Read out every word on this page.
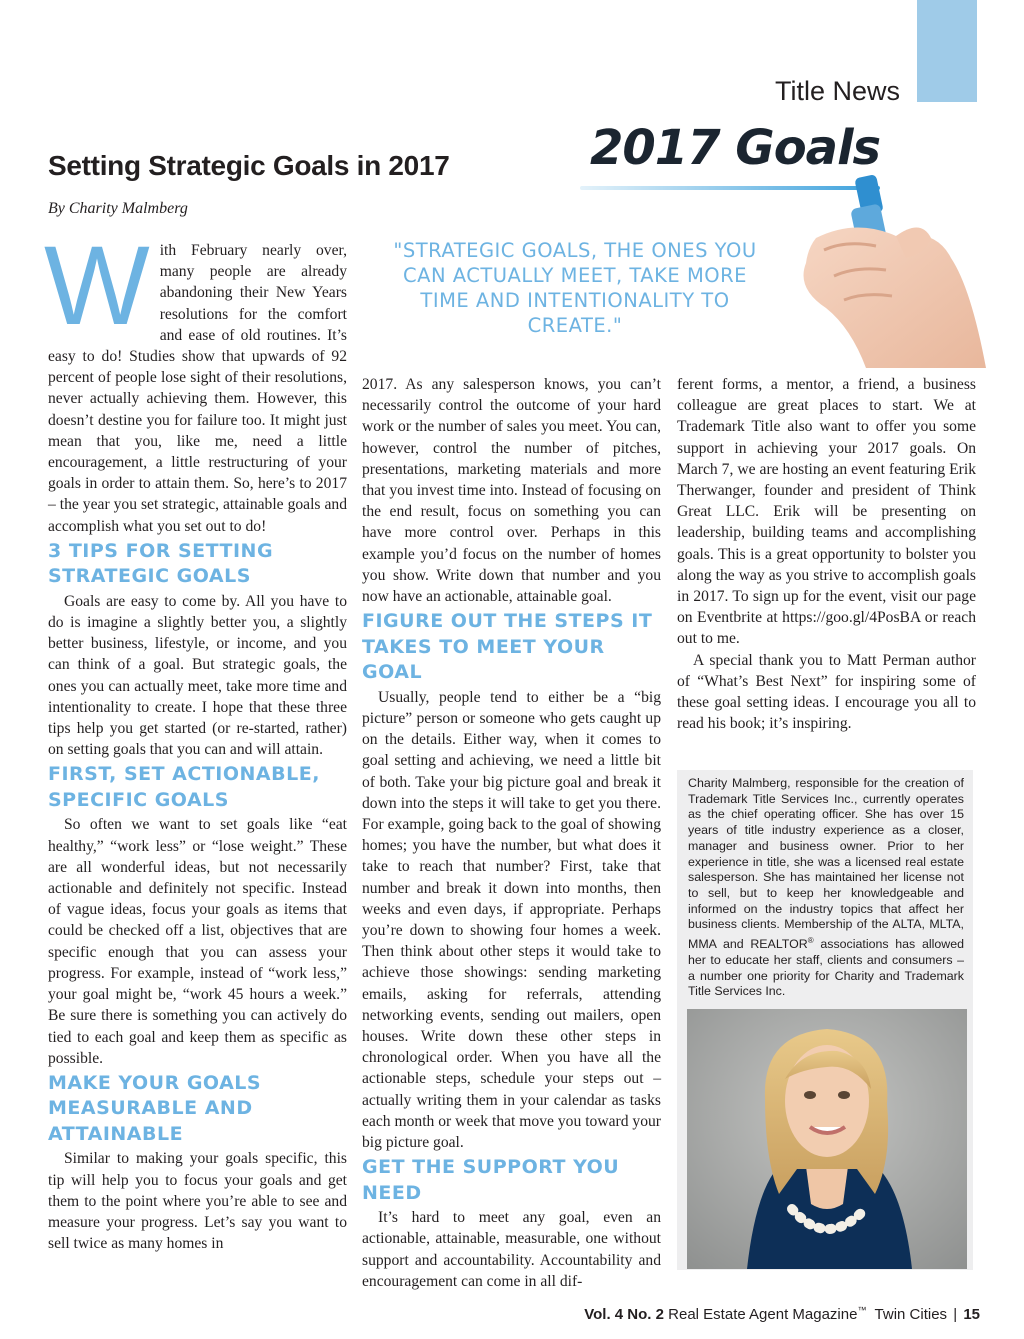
Title News
Setting Strategic Goals in 2017
By Charity Malmberg
2017 Goals
"STRATEGIC GOALS, THE ONES YOU CAN ACTUALLY MEET, TAKE MORE TIME AND INTENTIONALITY TO CREATE."
W ith February nearly over, many people are already abandoning their New Years resolutions for the comfort and ease of old routines. It’s easy to do! Studies show that upwards of 92 percent of people lose sight of their resolutions, never actually achieving them. However, this doesn’t destine you for failure too. It might just mean that you, like me, need a little encouragement, a little restructuring of your goals in order to attain them. So, here’s to 2017 – the year you set strategic, attainable goals and accomplish what you set out to do!

3 TIPS FOR SETTING STRATEGIC GOALS

Goals are easy to come by. All you have to do is imagine a slightly better you, a slightly better business, lifestyle, or income, and you can think of a goal. But strategic goals, the ones you can actually meet, take more time and intentionality to create. I hope that these three tips help you get started (or re-started, rather) on setting goals that you can and will attain.

FIRST, SET ACTIONABLE, SPECIFIC GOALS

So often we want to set goals like “eat healthy,” “work less” or “lose weight.” These are all wonderful ideas, but not necessarily actionable and definitely not specific. Instead of vague ideas, focus your goals as items that could be checked off a list, objectives that are specific enough that you can assess your progress. For example, instead of “work less,” your goal might be, “work 45 hours a week.” Be sure there is something you can actively do tied to each goal and keep them as specific as possible.

MAKE YOUR GOALS MEASURABLE AND ATTAINABLE

Similar to making your goals specific, this tip will help you to focus your goals and get them to the point where you’re able to see and measure your progress. Let’s say you want to sell twice as many homes in

2017. As any salesperson knows, you can’t necessarily control the outcome of your hard work or the number of sales you meet. You can, however, control the number of pitches, presentations, marketing materials and more that you invest time into. Instead of focusing on the end result, focus on something you can have more control over. Perhaps in this example you’d focus on the number of homes you show. Write down that number and you now have an actionable, attainable goal.

FIGURE OUT THE STEPS IT TAKES TO MEET YOUR GOAL

Usually, people tend to either be a “big picture” person or someone who gets caught up on the details. Either way, when it comes to goal setting and achieving, we need a little bit of both. Take your big picture goal and break it down into the steps it will take to get you there. For example, going back to the goal of showing homes; you have the number, but what does it take to reach that number? First, take that number and break it down into months, then weeks and even days, if appropriate. Perhaps you’re down to showing four homes a week. Then think about other steps it would take to achieve those showings: sending marketing emails, asking for referrals, attending networking events, sending out mailers, open houses. Write down these other steps in chronological order. When you have all the actionable steps, schedule your steps out – actually writing them in your calendar as tasks each month or week that move you toward your big picture goal.

GET THE SUPPORT YOU NEED

It’s hard to meet any goal, even an actionable, attainable, measurable, one without support and accountability. Accountability and encouragement can come in all dif-

ferent forms, a mentor, a friend, a business colleague are great places to start. We at Trademark Title also want to offer you some support in achieving your 2017 goals. On March 7, we are hosting an event featuring Erik Therwanger, founder and president of Think Great LLC. Erik will be presenting on leadership, building teams and accomplishing goals. This is a great opportunity to bolster you along the way as you strive to accomplish goals in 2017. To sign up for the event, visit our page on Eventbrite at https://goo.gl/4PosBA or reach out to me.

A special thank you to Matt Perman author of “What’s Best Next” for inspiring some of these goal setting ideas. I encourage you all to read his book; it’s inspiring.

Charity Malmberg, responsible for the creation of Trademark Title Services Inc., currently operates as the chief operating officer. She has over 15 years of title industry experience as a closer, manager and business owner. Prior to her experience in title, she was a licensed real estate salesperson. She has maintained her license not to sell, but to keep her knowledgeable and informed on the industry topics that affect her business clients. Membership of the ALTA, MLTA, MMA and REALTOR® associations has allowed her to educate her staff, clients and consumers – a number one priority for Charity and Trademark Title Services Inc.

Vol. 4 No. 2 Real Estate Agent Magazine™ Twin Cities | 15
